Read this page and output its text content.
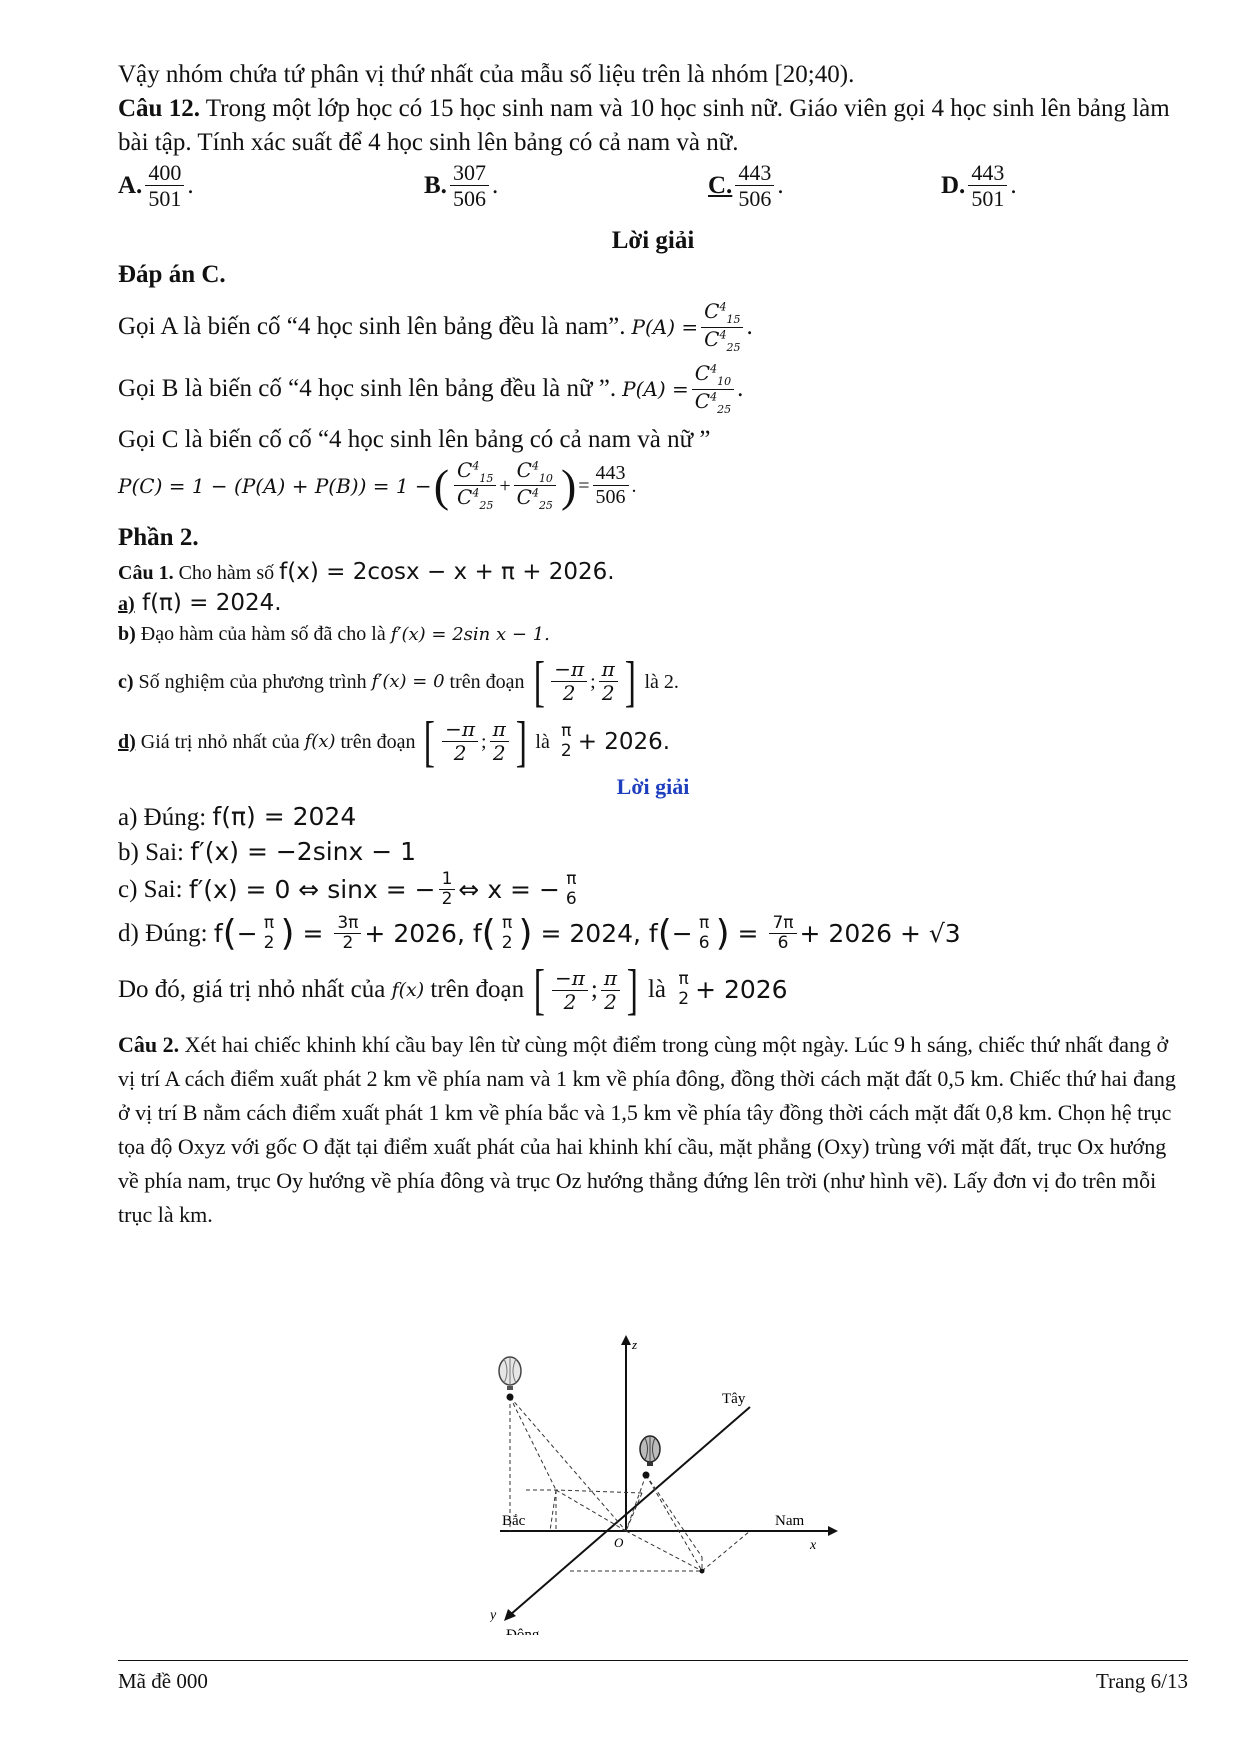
Vậy nhóm chứa tứ phân vị thứ nhất của mẫu số liệu trên là nhóm [20;40).

Câu 12. Trong một lớp học có 15 học sinh nam và 10 học sinh nữ. Giáo viên gọi 4 học sinh lên bảng làm bài tập. Tính xác suất để 4 học sinh lên bảng có cả nam và nữ.

A. $\frac{400}{501}$ .	B. $\frac{307}{506}$ .	C. $\frac{443}{506}$ .	D. $\frac{443}{501}$ .

Lời giải

Đáp án C.

Gọi A là biến cố “4 học sinh lên bảng đều là nam”. $P(A) = \frac{C^4_{15}}{C^4_{25}}$ .

Gọi B là biến cố “4 học sinh lên bảng đều là nữ ”. $P(A) = \frac{C^4_{10}}{C^4_{25}}$ .

Gọi C là biến cố cố “4 học sinh lên bảng có cả nam và nữ ”

P(C) = 1 − (P(A) + P(B)) = 1 − ( $\frac{C^4_{15}}{C^4_{25}} + \frac{C^4_{10}}{C^4_{25}}$ ) = $\frac{443}{506}$ .

Phần 2.

Câu 1. Cho hàm số f(x) = 2cosx − x + π + 2026.

a) f(π) = 2024.

b) Đạo hàm của hàm số đã cho là f′(x) = 2sin x − 1.

c) Số nghiệm của phương trình f′(x) = 0 trên đoạn [ $\frac{-\pi}{2}$ ; $\frac{\pi}{2}$ ] là 2.

d) Giá trị nhỏ nhất của f(x) trên đoạn [ $\frac{-\pi}{2}$ ; $\frac{\pi}{2}$ ] là π
2 + 2026.

Lời giải

a) Đúng: f(π) = 2024

b) Sai: f′(x) = −2sinx − 1

c) Sai: f′(x) = 0 ⇔ sinx = − $\frac{1}{2}$ ⇔ x = − π
6

d) Đúng: f ( − π
2 ) = $\frac{3\pi}{2} + 2026$, f ( π
2 ) = 2024, f ( − π
6 ) = $\frac{7\pi}{6} + 2026 + √3$

Do đó, giá trị nhỏ nhất của f(x) trên đoạn [ $\frac{-\pi}{2}$ ; $\frac{\pi}{2}$ ] là π
2 + 2026

Câu 2. Xét hai chiếc khinh khí cầu bay lên từ cùng một điểm trong cùng một ngày. Lúc 9 h sáng, chiếc thứ nhất đang ở vị trí A cách điểm xuất phát 2 km về phía nam và 1 km về phía đông, đồng thời cách mặt đất 0,5 km. Chiếc thứ hai đang ở vị trí B nằm cách điểm xuất phát 1 km về phía bắc và 1,5 km về phía tây đồng thời cách mặt đất 0,8 km. Chọn hệ trục tọa độ Oxyz với gốc O đặt tại điểm xuất phát của hai khinh khí cầu, mặt phẳng (Oxy) trùng với mặt đất, trục Ox hướng về phía nam, trục Oy hướng về phía đông và trục Oz hướng thẳng đứng lên trời (như hình vẽ). Lấy đơn vị đo trên mỗi trục là km.

z
x
Nam
Bắc
O
Tây
y
Đông
Mã đề 000	Trang 6/13
